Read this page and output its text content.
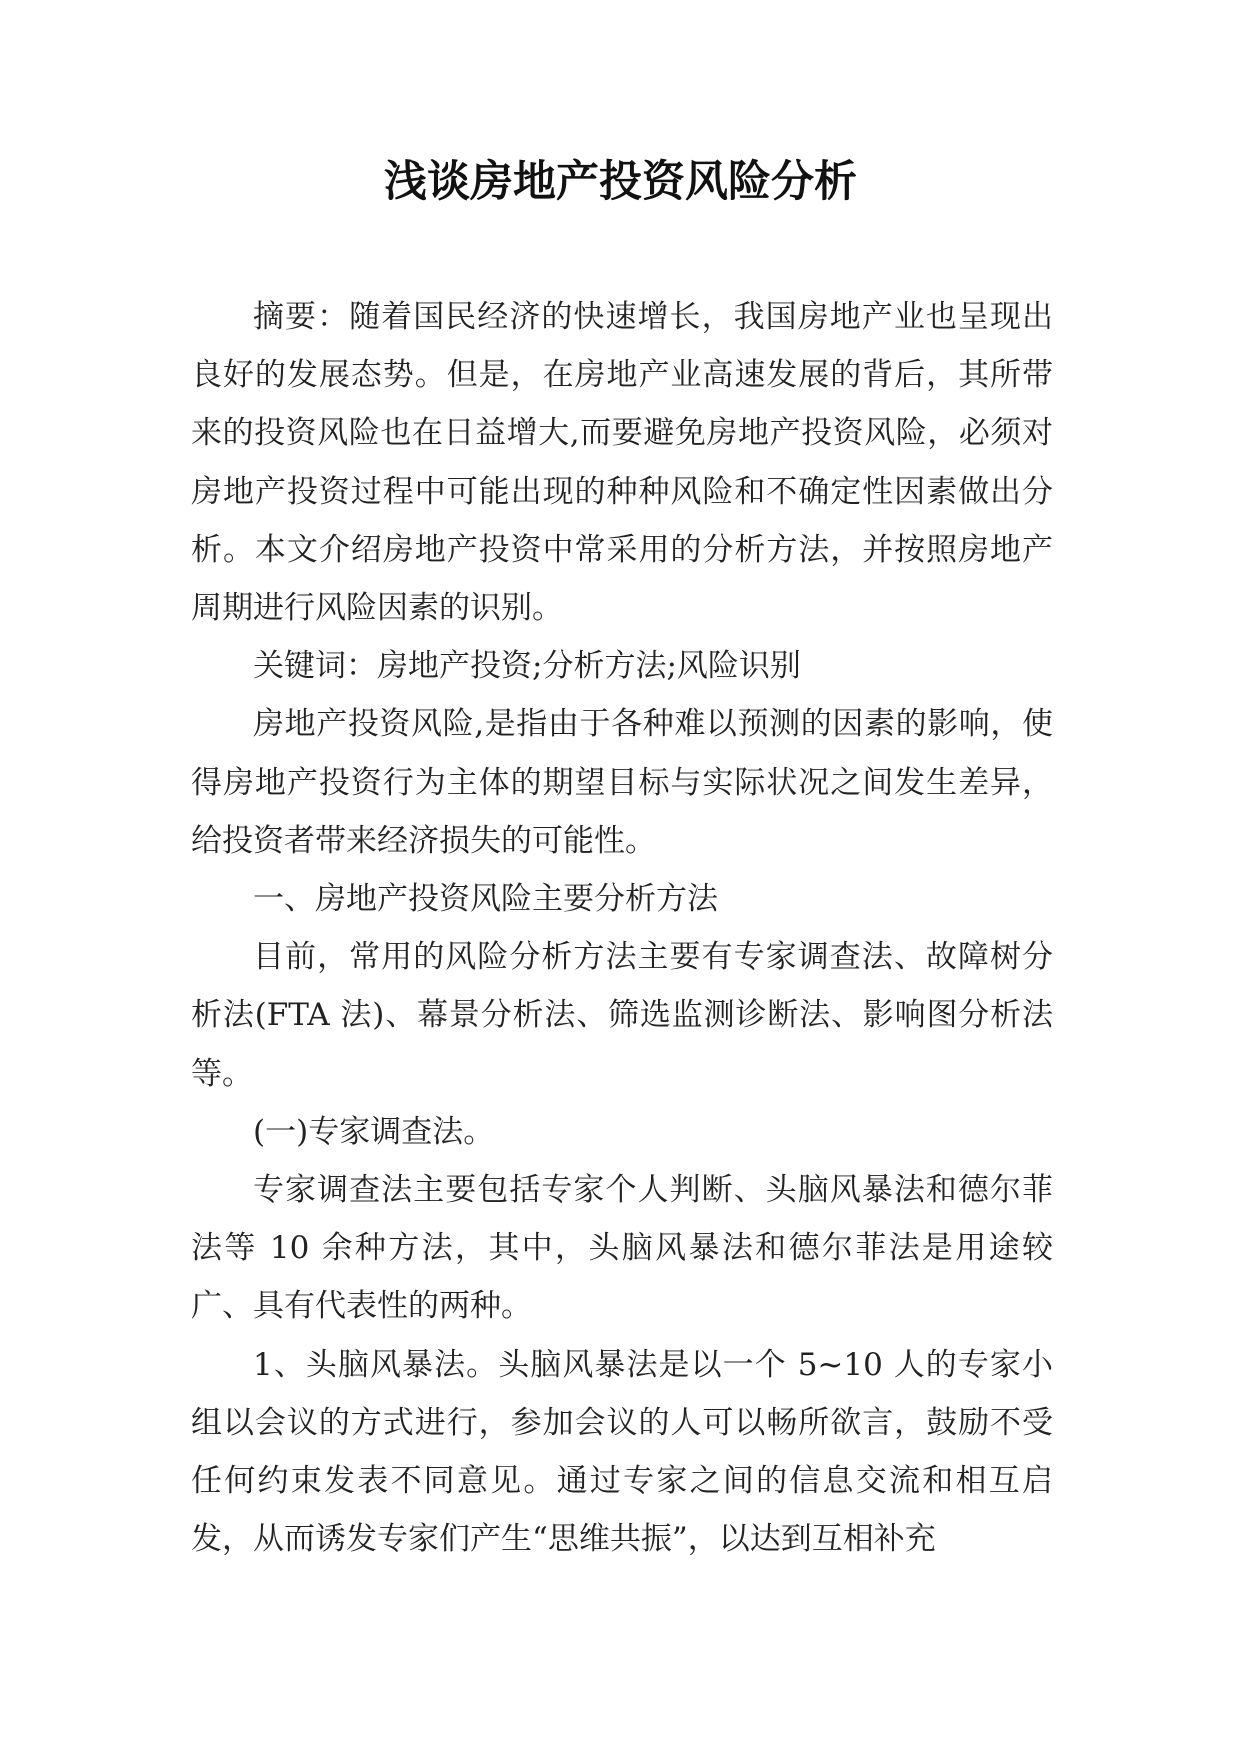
浅谈房地产投资风险分析

摘要：随着国民经济的快速增长，我国房地产业也呈现出良好的发展态势。但是，在房地产业高速发展的背后，其所带来的投资风险也在日益增大,而要避免房地产投资风险，必须对房地产投资过程中可能出现的种种风险和不确定性因素做出分析。本文介绍房地产投资中常采用的分析方法，并按照房地产周期进行风险因素的识别。

关键词：房地产投资;分析方法;风险识别

房地产投资风险,是指由于各种难以预测的因素的影响，使得房地产投资行为主体的期望目标与实际状况之间发生差异，给投资者带来经济损失的可能性。

一、房地产投资风险主要分析方法

目前，常用的风险分析方法主要有专家调查法、故障树分析法(FTA 法)、幕景分析法、筛选监测诊断法、影响图分析法等。

(一)专家调查法。

专家调查法主要包括专家个人判断、头脑风暴法和德尔菲法等 10 余种方法，其中，头脑风暴法和德尔菲法是用途较广、具有代表性的两种。

1、头脑风暴法。头脑风暴法是以一个 5~10 人的专家小组以会议的方式进行，参加会议的人可以畅所欲言，鼓励不受任何约束发表不同意见。通过专家之间的信息交流和相互启发，从而诱发专家们产生“思维共振”，以达到互相补充
